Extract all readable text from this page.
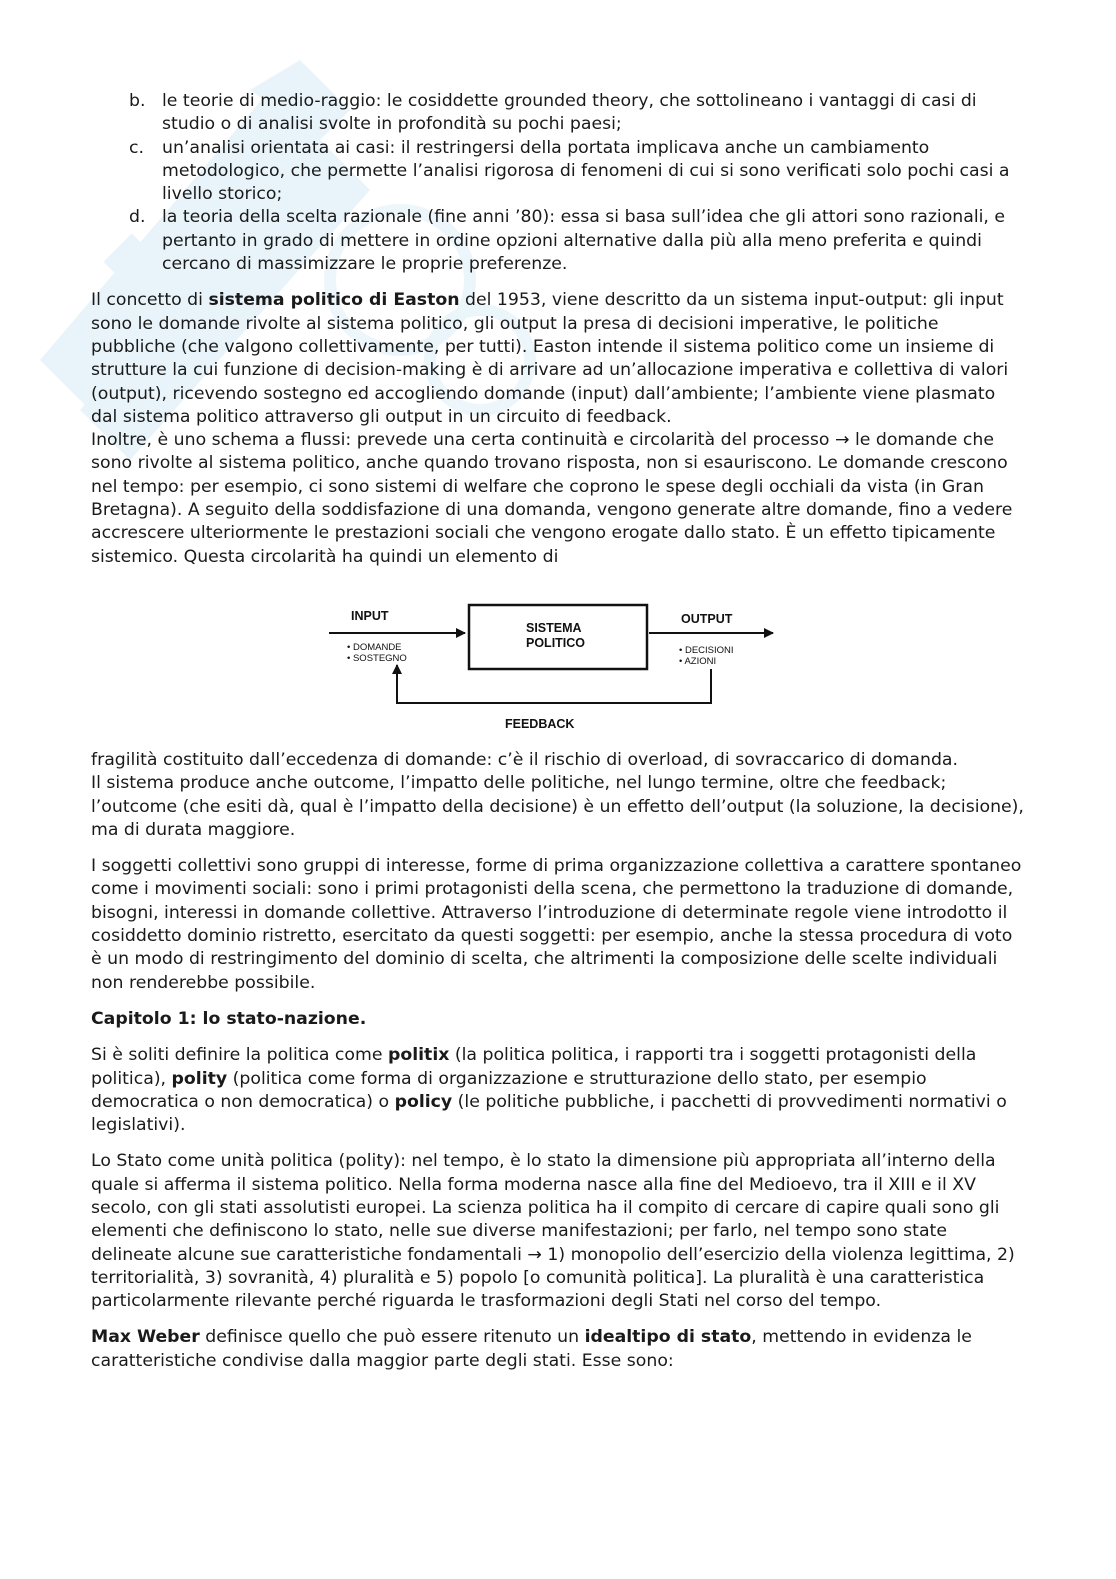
b. le teorie di medio-raggio: le cosiddette grounded theory, che sottolineano i vantaggi di casi di studio o di analisi svolte in profondità su pochi paesi;

c. un’analisi orientata ai casi: il restringersi della portata implicava anche un cambiamento metodologico, che permette l’analisi rigorosa di fenomeni di cui si sono verificati solo pochi casi a livello storico;

d. la teoria della scelta razionale (fine anni ’80): essa si basa sull’idea che gli attori sono razionali, e pertanto in grado di mettere in ordine opzioni alternative dalla più alla meno preferita e quindi cercano di massimizzare le proprie preferenze.

Il concetto di sistema politico di Easton del 1953, viene descritto da un sistema input-output: gli input sono le domande rivolte al sistema politico, gli output la presa di decisioni imperative, le politiche pubbliche (che valgono collettivamente, per tutti). Easton intende il sistema politico come un insieme di strutture la cui funzione di decision-making è di arrivare ad un’allocazione imperativa e collettiva di valori (output), ricevendo sostegno ed accogliendo domande (input) dall’ambiente; l’ambiente viene plasmato dal sistema politico attraverso gli output in un circuito di feedback.

Inoltre, è uno schema a flussi: prevede una certa continuità e circolarità del processo → le domande che sono rivolte al sistema politico, anche quando trovano risposta, non si esauriscono. Le domande crescono nel tempo: per esempio, ci sono sistemi di welfare che coprono le spese degli occhiali da vista (in Gran Bretagna). A seguito della soddisfazione di una domanda, vengono generate altre domande, fino a vedere accrescere ulteriormente le prestazioni sociali che vengono erogate dallo stato. È un effetto tipicamente sistemico. Questa circolarità ha quindi un elemento di

INPUT
• DOMANDE
• SOSTEGNO
SISTEMA
POLITICO
OUTPUT
• DECISIONI
• AZIONI
FEEDBACK

fragilità costituito dall’eccedenza di domande: c’è il rischio di overload, di sovraccarico di domanda.

Il sistema produce anche outcome, l’impatto delle politiche, nel lungo termine, oltre che feedback; l’outcome (che esiti dà, qual è l’impatto della decisione) è un effetto dell’output (la soluzione, la decisione), ma di durata maggiore.

I soggetti collettivi sono gruppi di interesse, forme di prima organizzazione collettiva a carattere spontaneo come i movimenti sociali: sono i primi protagonisti della scena, che permettono la traduzione di domande, bisogni, interessi in domande collettive. Attraverso l’introduzione di determinate regole viene introdotto il cosiddetto dominio ristretto, esercitato da questi soggetti: per esempio, anche la stessa procedura di voto è un modo di restringimento del dominio di scelta, che altrimenti la composizione delle scelte individuali non renderebbe possibile.

Capitolo 1: lo stato-nazione.

Si è soliti definire la politica come politix (la politica politica, i rapporti tra i soggetti protagonisti della politica), polity (politica come forma di organizzazione e strutturazione dello stato, per esempio democratica o non democratica) o policy (le politiche pubbliche, i pacchetti di provvedimenti normativi o legislativi).

Lo Stato come unità politica (polity): nel tempo, è lo stato la dimensione più appropriata all’interno della quale si afferma il sistema politico. Nella forma moderna nasce alla fine del Medioevo, tra il XIII e il XV secolo, con gli stati assolutisti europei. La scienza politica ha il compito di cercare di capire quali sono gli elementi che definiscono lo stato, nelle sue diverse manifestazioni; per farlo, nel tempo sono state delineate alcune sue caratteristiche fondamentali → 1) monopolio dell’esercizio della violenza legittima, 2) territorialità, 3) sovranità, 4) pluralità e 5) popolo [o comunità politica]. La pluralità è una caratteristica particolarmente rilevante perché riguarda le trasformazioni degli Stati nel corso del tempo.

Max Weber definisce quello che può essere ritenuto un idealtipo di stato, mettendo in evidenza le caratteristiche condivise dalla maggior parte degli stati. Esse sono:
